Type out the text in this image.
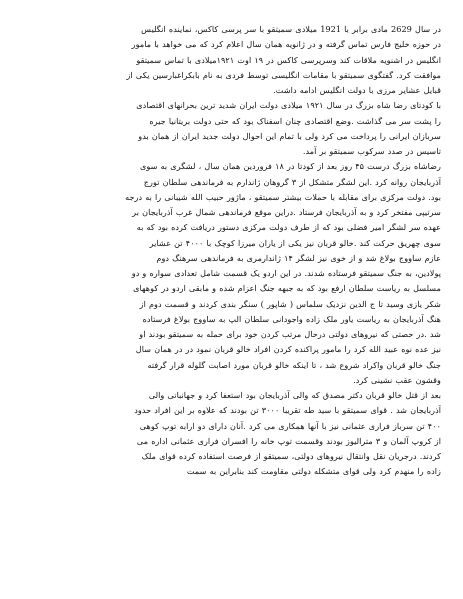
در سال 2629 مادی برابر با 1921 میلادی سمیتقو با سر پرسی کاکس، نماینده انگلیس
در حوزه خلیج فارس تماس گرفته و در ژانویه همان سال اعلام کرد که می خواهد با مامور
انگلیس در اشنویه ملاقات کند وسرپرسی کاکس در ۱۹ اوت ۱۹۲۱میلادی با تماس سمیتقو
موافقت کرد. گفتگوی سمیتقو با مقامات انگلیسی توسط فردی به نام بابکراغبارسین یکی از
قبایل عشایر مرزی با دولت انگلیس ادامه داشت.
با کودتای رضا شاه بزرگ در سال ۱۹۲۱ میلادی دولت ایران شدید ترین بحرانهای اقتصادی
را پشت سر می گذاشت .وضع اقتصادی چنان اسفناک بود که حتی دولت بریتانیا جیره
سربازان ایرانی را پرداخت می کرد ولی با تمام این احوال دولت جدید ایران از همان بدو
تاسیس در صدد سرکوب سمیتقو بر آمد.
رضاشاه بزرگ درست ۴۵ روز بعد از کودتا در ۱۸ فروردین همان سال ، لشگری به سوی
آذربایجان روانه کرد .این لشگر متشکل از ۳ گروهان ژاندارم به فرماندهی سلطان تورج
بود. دولت مرکزی برای مقابله با حملات بیشتر سمیتقو ، ماژور حبیب الله شیبانی را به درجه
سرتیپی مفتخر کرد و به آذربایجان فرستاد .دراین موقع فرماندهی شمال غرب آذربایجان بر
عهده سر لشگر امیر فضلی بود که از طرف دولت مرکزی دستور دریافت کرده بود که به
سوی چهریق حرکت کند .خالو قربان نیز یکی از یاران میرزا کوچک با ۴۰۰۰ تن عشایر
عازم ساووج بولاغ شد و از خوی نیز لشگر ۱۴ ژاندارمری به فرماندهی سرهنگ دوم
پولادین، به جنگ سمیتقو فرستاده شدند. در این اردو یک قسمت شامل تعدادی سواره و دو
مسلسل به ریاست سلطان ارفع بود که به جبهه جنگ اعزام شده و مابقی اردو در کوههای
شکر یازی وسید تا ج الدین نزدیک سلماس ( شاپور ) سنگر بندی کردند و قسمت دوم از
هنگ آذربایجان به ریاست یاور ملک زاده واجودانی سلطان الپ به ساووج بولاغ فرستاده
شد .در حصتی که نیروهای دولتی درحال مرتب کردن خود برای حمله به سمیتقو بودند او
نیز عده نوه عبید الله کرد را مامور پراکنده کردن افراد خالو قربان نمود در در همان سال
جنگ خالو قربان واکراد شروع شد ، تا اینکه خالو قربان مورد اصابت گلوله قرار گرفته
وقشون عقب نشینی کرد.
بعد از قتل خالو قربان دکتر مصدق که والی آذربایجان بود استعفا کرد و جهانبانی والی
آذربایجان شد . قوای سمیتقو با سید طه تقریبا ۳۰۰۰ تن بودند که علاوه بر این افراد حدود
۴۰۰ تن سرباز فراری عثمانی نیز با آنها همکاری می کرد .آنان دارای دو ارابه توپ کوهی
از کروپ آلمان و ۳ مترالیوز بودند وقسمت توپ خانه را افسران فراری عثمانی اداره می
کردند. درجریان نقل وانتقال نیروهای دولتی، سمیتقو از فرصت استفاده کرده قوای ملک
زاده را منهدم کرد ولی قوای متشکله دولتی مقاومت کند بنابراین به سمت
